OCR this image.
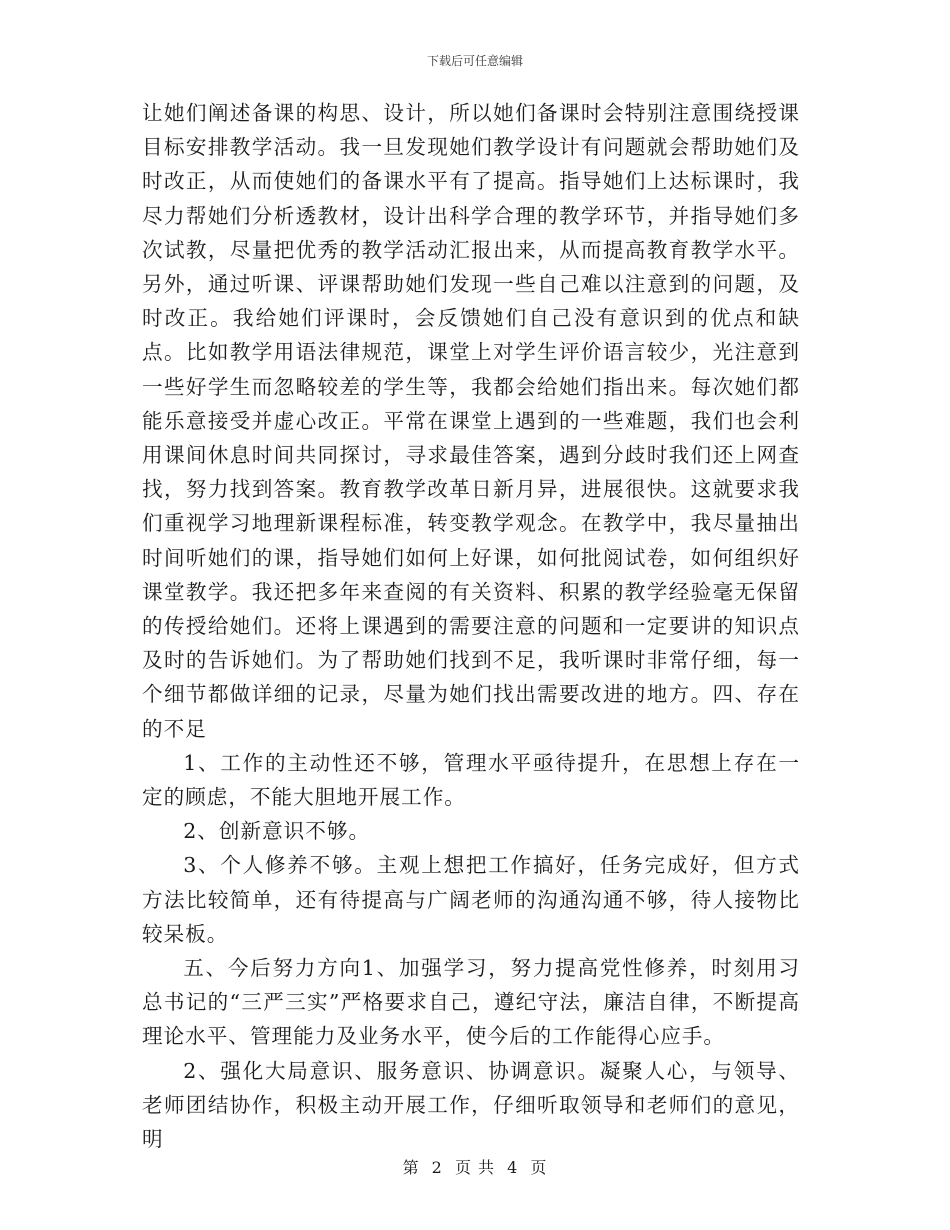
下载后可任意编辑

让她们阐述备课的构思、设计，所以她们备课时会特别注意围绕授课目标安排教学活动。我一旦发现她们教学设计有问题就会帮助她们及时改正，从而使她们的备课水平有了提高。指导她们上达标课时，我尽力帮她们分析透教材，设计出科学合理的教学环节，并指导她们多次试教，尽量把优秀的教学活动汇报出来，从而提高教育教学水平。另外，通过听课、评课帮助她们发现一些自己难以注意到的问题，及时改正。我给她们评课时，会反馈她们自己没有意识到的优点和缺点。比如教学用语法律规范，课堂上对学生评价语言较少，光注意到一些好学生而忽略较差的学生等，我都会给她们指出来。每次她们都能乐意接受并虚心改正。平常在课堂上遇到的一些难题，我们也会利用课间休息时间共同探讨，寻求最佳答案，遇到分歧时我们还上网查找，努力找到答案。教育教学改革日新月异，进展很快。这就要求我们重视学习地理新课程标准，转变教学观念。在教学中，我尽量抽出时间听她们的课，指导她们如何上好课，如何批阅试卷，如何组织好课堂教学。我还把多年来查阅的有关资料、积累的教学经验毫无保留的传授给她们。还将上课遇到的需要注意的问题和一定要讲的知识点及时的告诉她们。为了帮助她们找到不足，我听课时非常仔细，每一个细节都做详细的记录，尽量为她们找出需要改进的地方。四、存在的不足

1、工作的主动性还不够，管理水平亟待提升，在思想上存在一定的顾虑，不能大胆地开展工作。

2、创新意识不够。

3、个人修养不够。主观上想把工作搞好，任务完成好，但方式方法比较简单，还有待提高与广阔老师的沟通沟通不够，待人接物比较呆板。

五、今后努力方向1、加强学习，努力提高党性修养，时刻用习总书记的“三严三实”严格要求自己，遵纪守法，廉洁自律，不断提高理论水平、管理能力及业务水平，使今后的工作能得心应手。

2、强化大局意识、服务意识、协调意识。凝聚人心，与领导、老师团结协作，积极主动开展工作，仔细听取领导和老师们的意见，明

第 2 页 共 4 页
